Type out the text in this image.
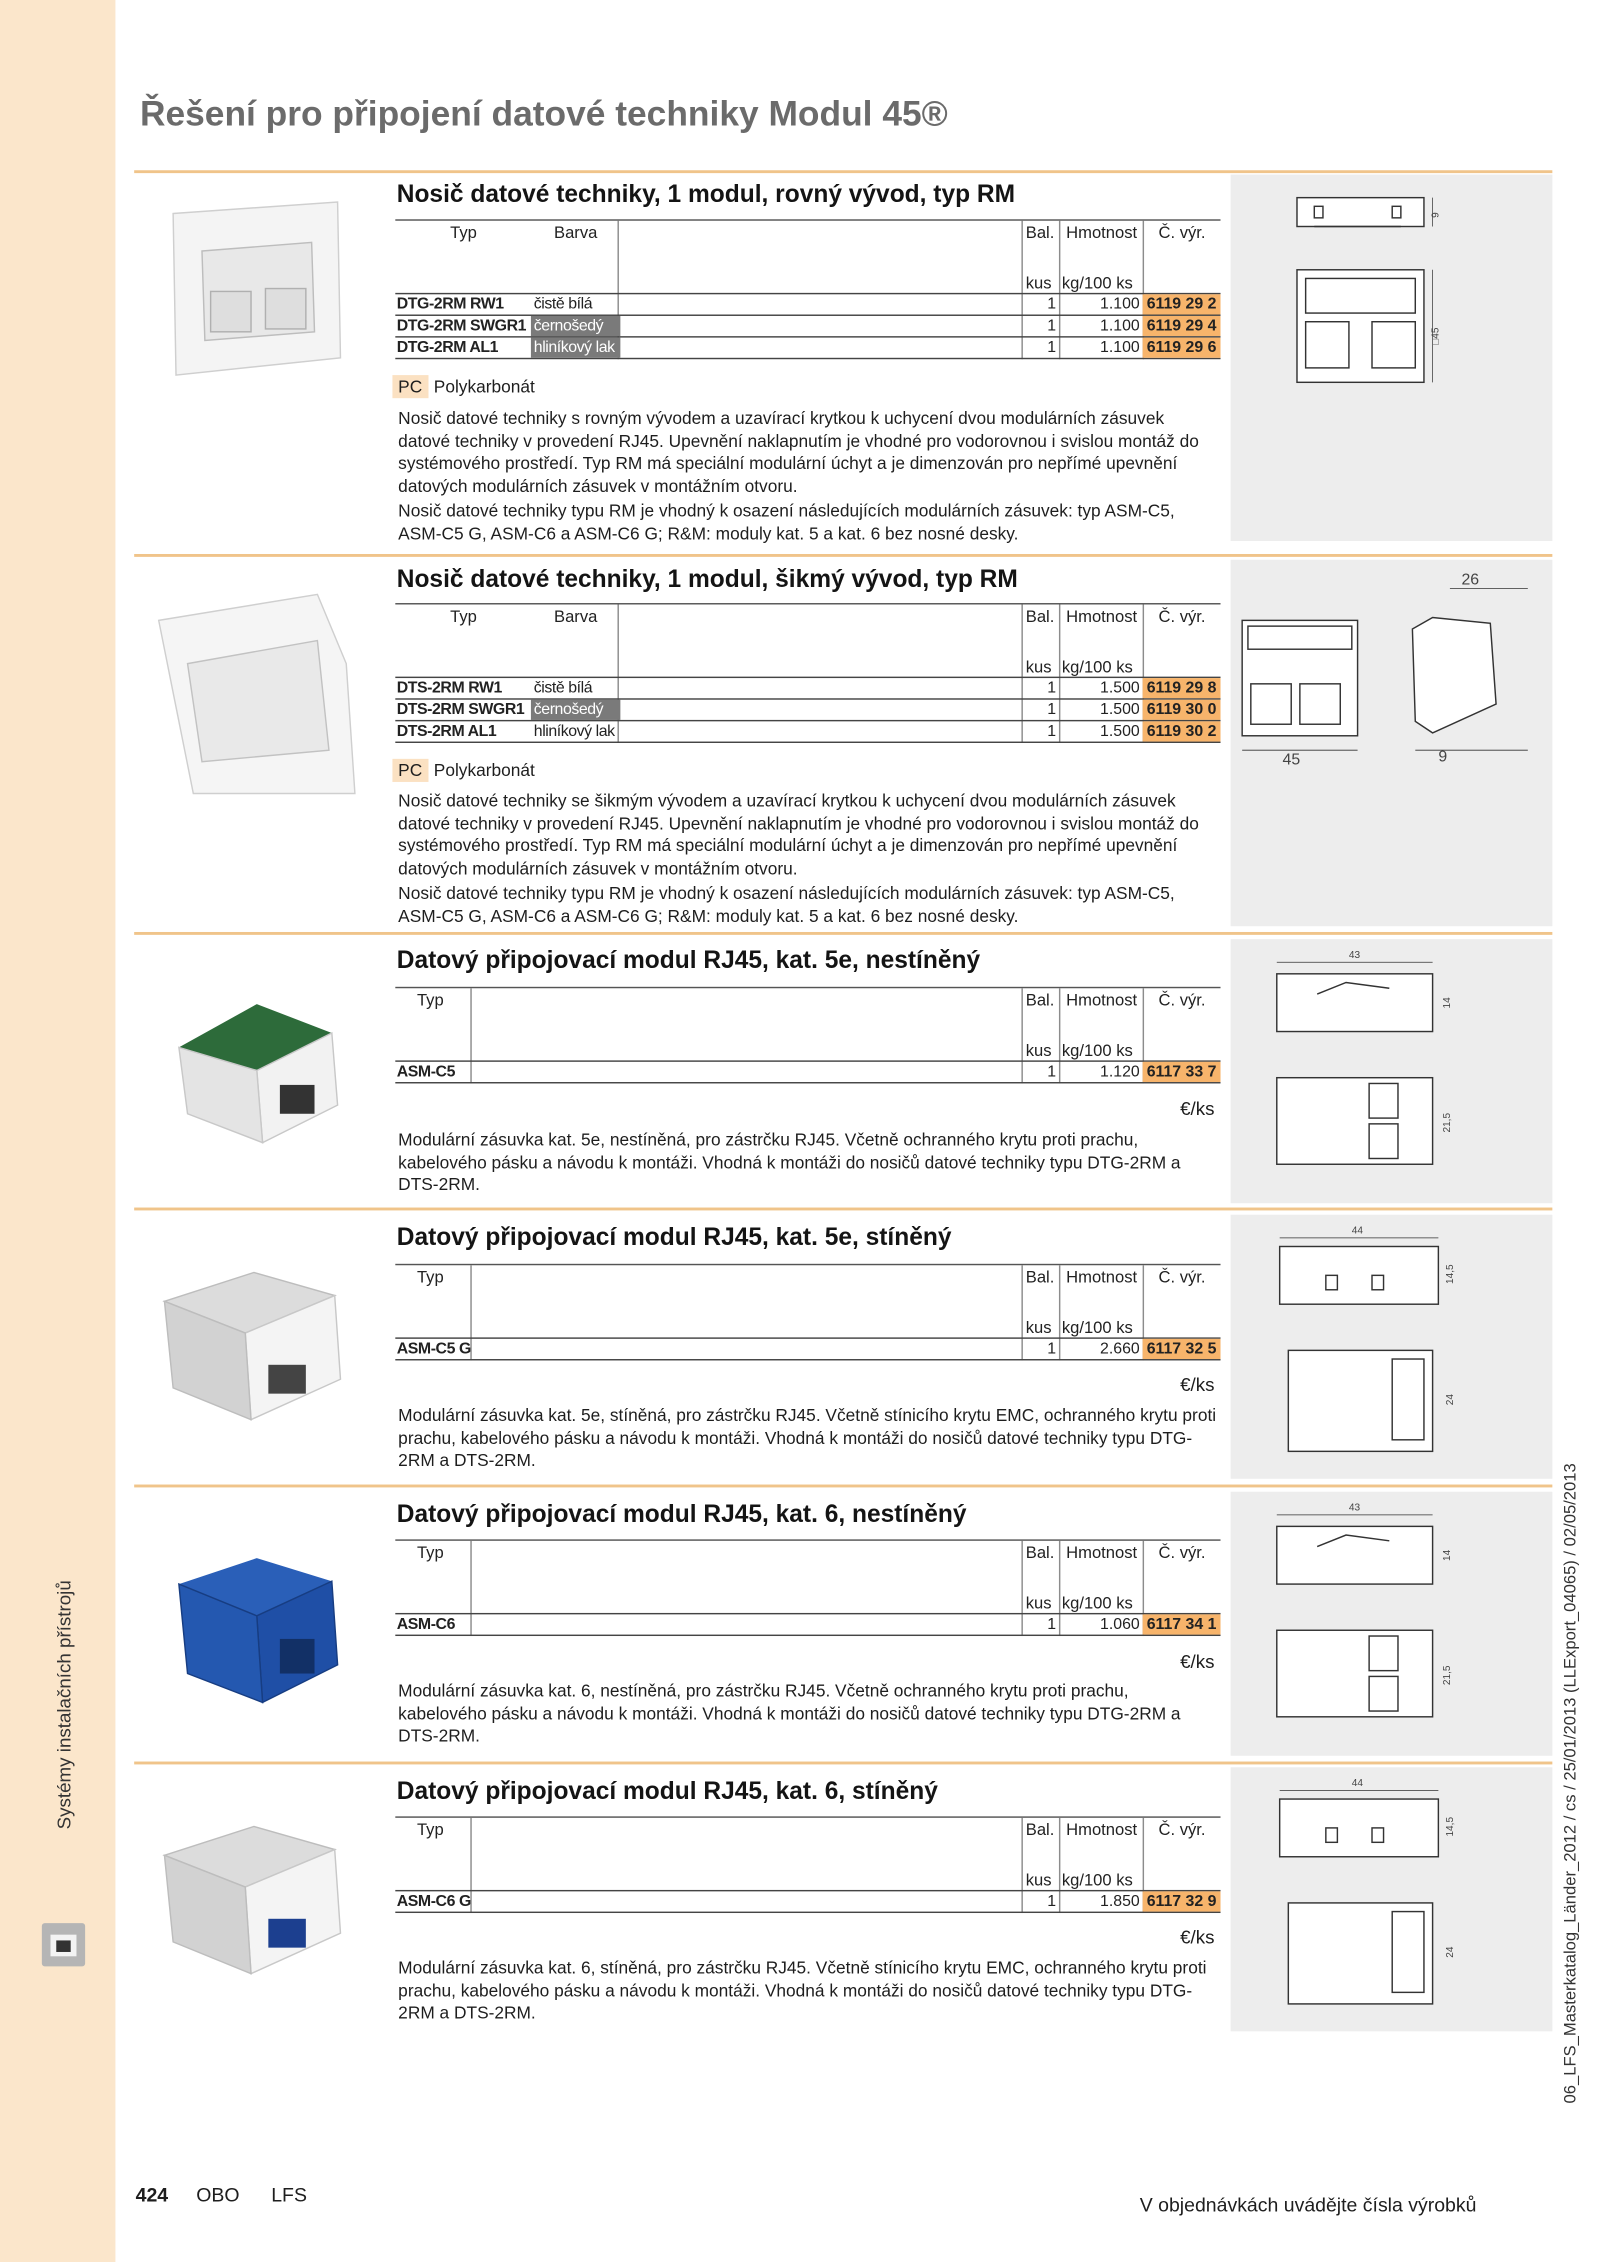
Systémy instalačních přístrojů	06_LFS_Masterkatalog_Länder_2012 / cs / 25/01/2013 (LLExport_04065) / 02/05/2013
Řešení pro připojení datové techniky Modul 45®
Nosič datové techniky, 1 modul, rovný vývod, typ RM
Typ	Barva	Bal. Hmotnost Č. výr.
kus kg/100 ks
DTG-2RM RW1	čistě bílá	1	1.100 6119 29 2
DTG-2RM SWGR1 černošedý	1	1.100 6119 29 4
DTG-2RM AL1	hliníkový lak	1	1.100 6119 29 6
PC Polykarbonát

Nosič datové techniky s rovným vývodem a uzavírací krytkou k uchycení dvou modulárních zásuvek datové techniky v provedení RJ45. Upevnění naklapnutím je vhodné pro vodorovnou i svislou montáž do systémového prostředí. Typ RM má speciální modulární úchyt a je dimenzován pro nepřímé upevnění datových modulárních zásuvek v montážním otvoru.

Nosič datové techniky typu RM je vhodný k osazení následujících modulárních zásuvek: typ ASM-C5, ASM-C5 G, ASM-C6 a ASM-C6 G; R&M: moduly kat. 5 a kat. 6 bez nosné desky.

9
□45
Nosič datové techniky, 1 modul, šikmý vývod, typ RM
Typ	Barva	Bal. Hmotnost Č. výr.
kus kg/100 ks
DTS-2RM RW1	čistě bílá	1	1.500 6119 29 8
DTS-2RM SWGR1 černošedý	1	1.500 6119 30 0
DTS-2RM AL1	hliníkový lak	1	1.500 6119 30 2
PC Polykarbonát

Nosič datové techniky se šikmým vývodem a uzavírací krytkou k uchycení dvou modulárních zásuvek datové techniky v provedení RJ45. Upevnění naklapnutím je vhodné pro vodorovnou i svislou montáž do systémového prostředí. Typ RM má speciální modulární úchyt a je dimenzován pro nepřímé upevnění datových modulárních zásuvek v montážním otvoru.

Nosič datové techniky typu RM je vhodný k osazení následujících modulárních zásuvek: typ ASM-C5, ASM-C5 G, ASM-C6 a ASM-C6 G; R&M: moduly kat. 5 a kat. 6 bez nosné desky.

26
45	9
Datový připojovací modul RJ45, kat. 5e, nestíněný
Typ	Bal. Hmotnost Č. výr.
kus kg/100 ks
ASM-C5	1	1.120 6117 33 7
€/ks

Modulární zásuvka kat. 5e, nestíněná, pro zástrčku RJ45. Včetně ochranného krytu proti prachu, kabelového pásku a návodu k montáži. Vhodná k montáži do nosičů datové techniky typu DTG-2RM a DTS-2RM.

43
14
21,5
Datový připojovací modul RJ45, kat. 5e, stíněný
Typ	Bal. Hmotnost Č. výr.
kus kg/100 ks
ASM-C5 G	1	2.660 6117 32 5
€/ks

Modulární zásuvka kat. 5e, stíněná, pro zástrčku RJ45. Včetně stínicího krytu EMC, ochranného krytu proti prachu, kabelového pásku a návodu k montáži. Vhodná k montáži do nosičů datové techniky typu DTG-2RM a DTS-2RM.

44
14,5
24
Datový připojovací modul RJ45, kat. 6, nestíněný
Typ	Bal. Hmotnost Č. výr.
kus kg/100 ks
ASM-C6	1	1.060 6117 34 1
€/ks

Modulární zásuvka kat. 6, nestíněná, pro zástrčku RJ45. Včetně ochranného krytu proti prachu, kabelového pásku a návodu k montáži. Vhodná k montáži do nosičů datové techniky typu DTG-2RM a DTS-2RM.

43
14
21,5
Datový připojovací modul RJ45, kat. 6, stíněný
Typ	Bal. Hmotnost Č. výr.
kus kg/100 ks
ASM-C6 G	1	1.850 6117 32 9
€/ks

Modulární zásuvka kat. 6, stíněná, pro zástrčku RJ45. Včetně stínicího krytu EMC, ochranného krytu proti prachu, kabelového pásku a návodu k montáži. Vhodná k montáži do nosičů datové techniky typu DTG-2RM a DTS-2RM.

44
14,5
24
424 OBO LFS	V objednávkách uvádějte čísla výrobků
